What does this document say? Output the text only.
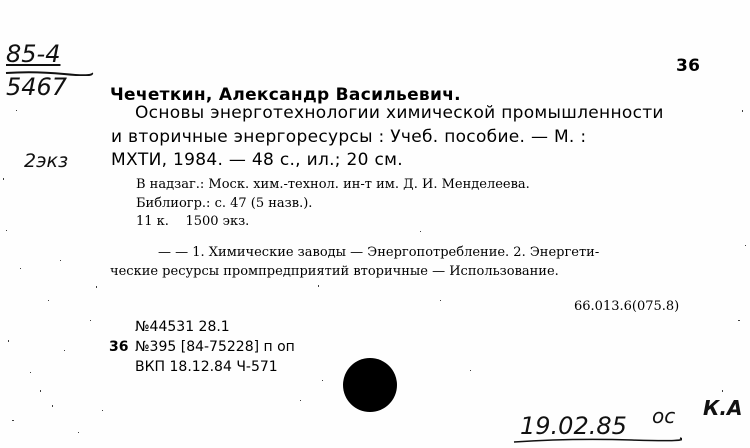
85-4
5467
2экз
36
Чечеткин, Александр Васильевич.
Основы энерготехнологии химической промышленности
и вторичные энергоресурсы : Учеб. пособие. — М. :
МХТИ, 1984. — 48 с., ил.; 20 см.
В надзаг.: Моск. хим.-технол. ин-т им. Д. И. Менделеева.
Библиогр.: с. 47 (5 назв.).
11 к.    1500 экз.
— — 1. Химические заводы — Энергопотребление. 2. Энергети-
ческие ресурсы промпредприятий вторичные — Использование.
66.013.6(075.8)
№44531 28.1
36 №395 [84-75228] п оп
ВКП 18.12.84 Ч-571
19.02.85 ос К.А
